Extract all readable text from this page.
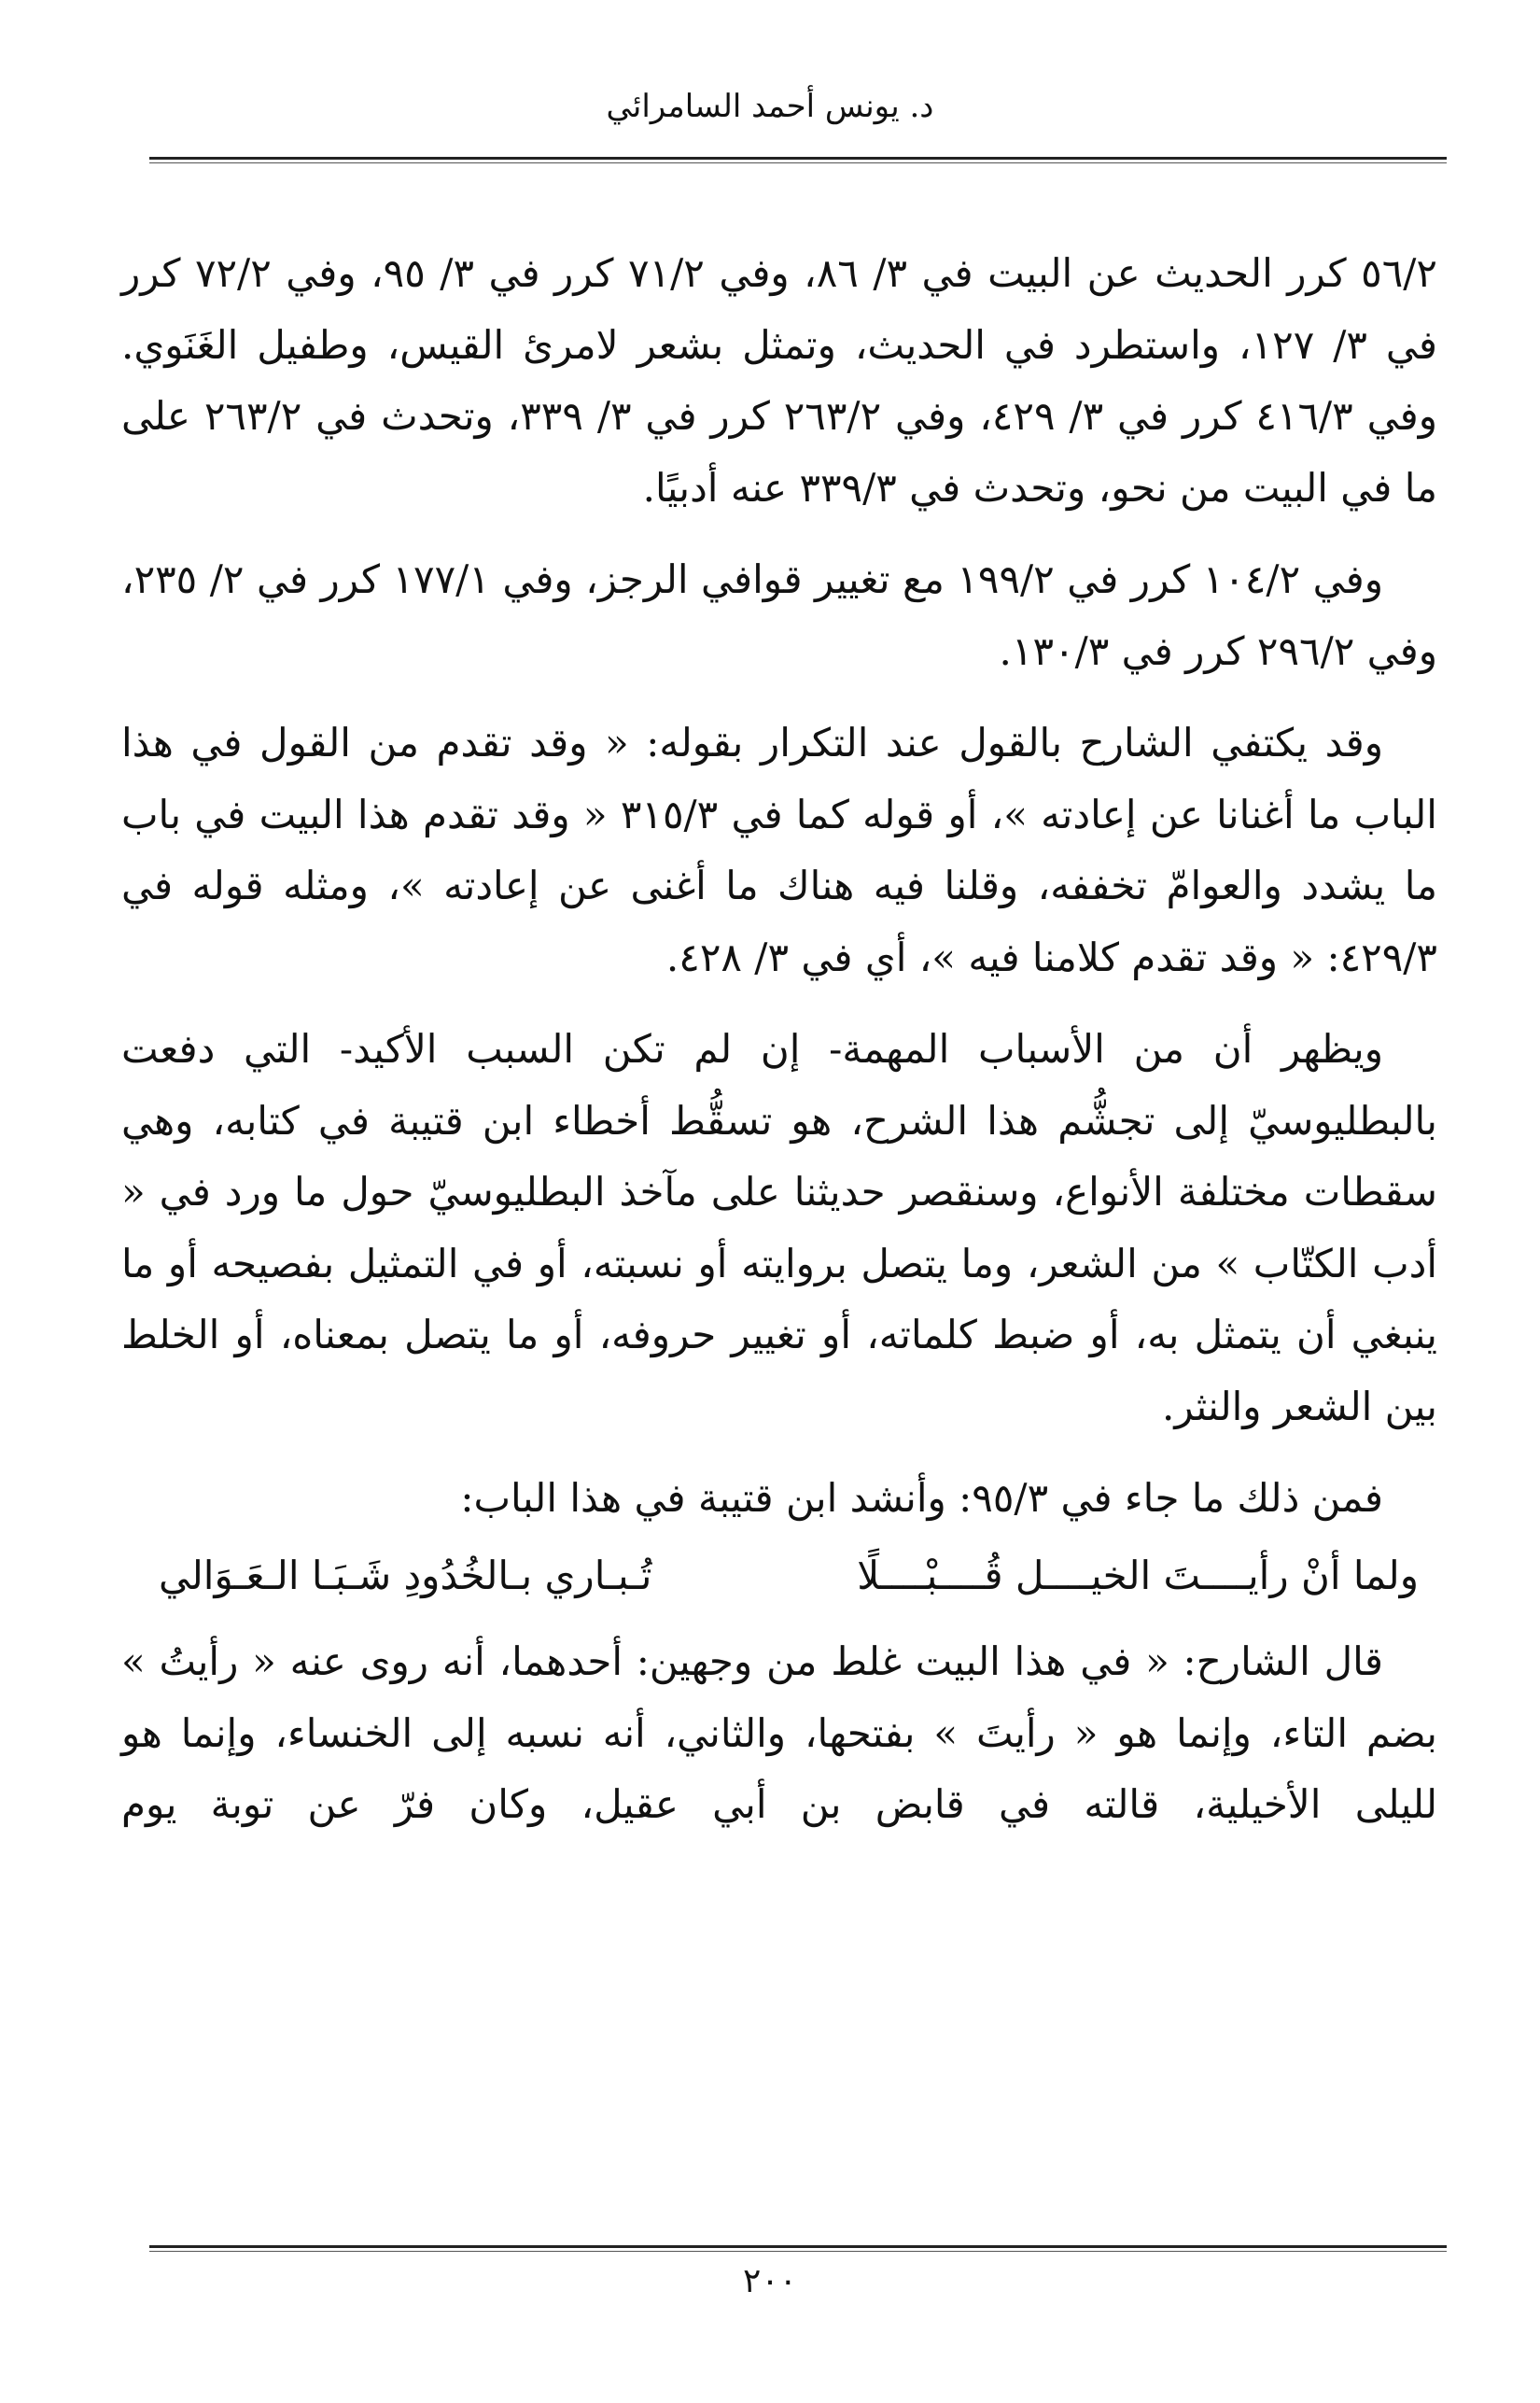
د. يونس أحمد السامرائي

٥٦/٢ كرر الحديث عن البيت في ٣/ ٨٦، وفي ٧١/٢ كرر في ٣/ ٩٥، وفي ٧٢/٢ كرر في ٣/ ١٢٧، واستطرد في الحديث، وتمثل بشعر لامرئ القيس، وطفيل الغَنَوي. وفي ٤١٦/٣ كرر في ٣/ ٤٢٩، وفي ٢٦٣/٢ كرر في ٣/ ٣٣٩، وتحدث في ٢٦٣/٢ على ما في البيت من نحو، وتحدث في ٣٣٩/٣ عنه أدبيًا.

وفي ١٠٤/٢ كرر في ١٩٩/٢ مع تغيير قوافي الرجز، وفي ١٧٧/١ كرر في ٢/ ٢٣٥، وفي ٢٩٦/٢ كرر في ١٣٠/٣.

وقد يكتفي الشارح بالقول عند التكرار بقوله: « وقد تقدم من القول في هذا الباب ما أغنانا عن إعادته »، أو قوله كما في ٣١٥/٣ « وقد تقدم هذا البيت في باب ما يشدد والعوامّ تخففه، وقلنا فيه هناك ما أغنى عن إعادته »، ومثله قوله في ٤٢٩/٣: « وقد تقدم كلامنا فيه »، أي في ٣/ ٤٢٨.

ويظهر أن من الأسباب المهمة- إن لم تكن السبب الأكيد- التي دفعت بالبطليوسيّ إلى تجشُّم هذا الشرح، هو تسقُّط أخطاء ابن قتيبة في كتابه، وهي سقطات مختلفة الأنواع، وسنقصر حديثنا على مآخذ البطليوسيّ حول ما ورد في « أدب الكتّاب » من الشعر، وما يتصل بروايته أو نسبته، أو في التمثيل بفصيحه أو ما ينبغي أن يتمثل به، أو ضبط كلماته، أو تغيير حروفه، أو ما يتصل بمعناه، أو الخلط بين الشعر والنثر.

فمن ذلك ما جاء في ٩٥/٣: وأنشد ابن قتيبة في هذا الباب:

ولما أنْ رأيــــتَ الخيــــل قُــــبْــــلًا
تُـبـاري بـالخُدُودِ شَـبَـا الـعَـوَالي

قال الشارح: « في هذا البيت غلط من وجهين: أحدهما، أنه روى عنه « رأيتُ » بضم التاء، وإنما هو « رأيتَ » بفتحها، والثاني، أنه نسبه إلى الخنساء، وإنما هو لليلى الأخيلية، قالته في قابض بن أبي عقيل، وكان فرّ عن توبة يوم

٢٠٠
